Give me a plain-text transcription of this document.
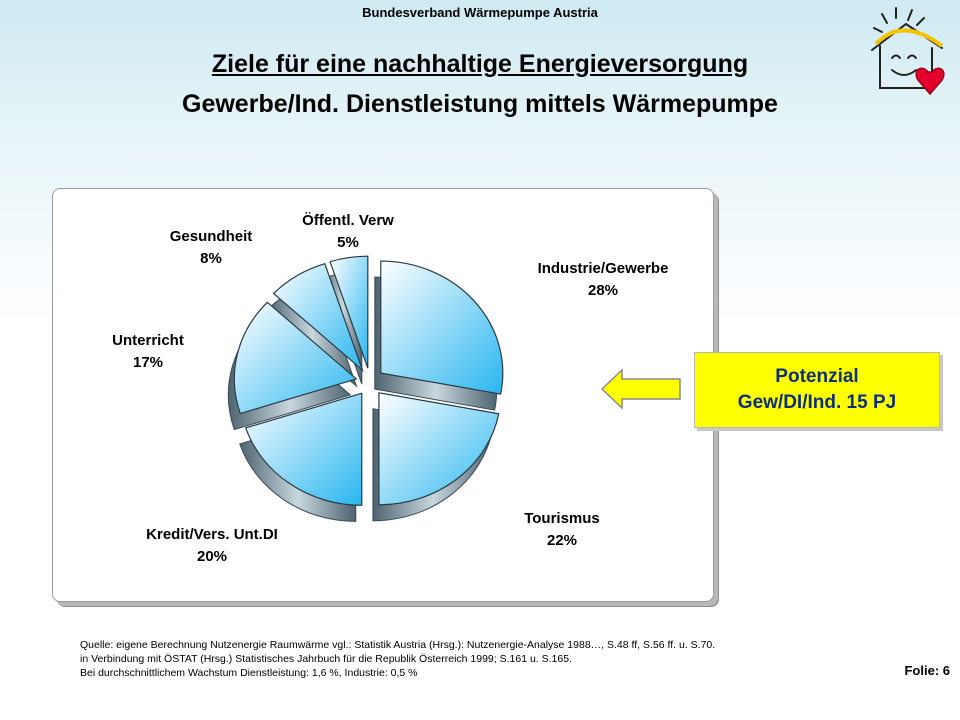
Bundesverband Wärmepumpe Austria
Ziele für eine nachhaltige Energieversorgung
Gewerbe/Ind. Dienstleistung mittels Wärmepumpe
Industrie/Gewerbe
28%
Tourismus
22%
Kredit/Vers. Unt.DI
20%
Unterricht
17%
Gesundheit
8%
Öffentl. Verw
5%
Potenzial
Gew/DI/Ind. 15 PJ
Quelle: eigene Berechnung Nutzenergie Raumwärme vgl.: Statistik Austria (Hrsg.): Nutzenergie-Analyse 1988…, S.48 ff, S.56 ff. u. S.70.
in Verbindung mit ÖSTAT (Hrsg.) Statistisches Jahrbuch für die Republik Österreich 1999; S.161 u. S.165.
Bei durchschnittlichem Wachstum Dienstleistung: 1,6 %, Industrie: 0,5 %	Folie: 6
